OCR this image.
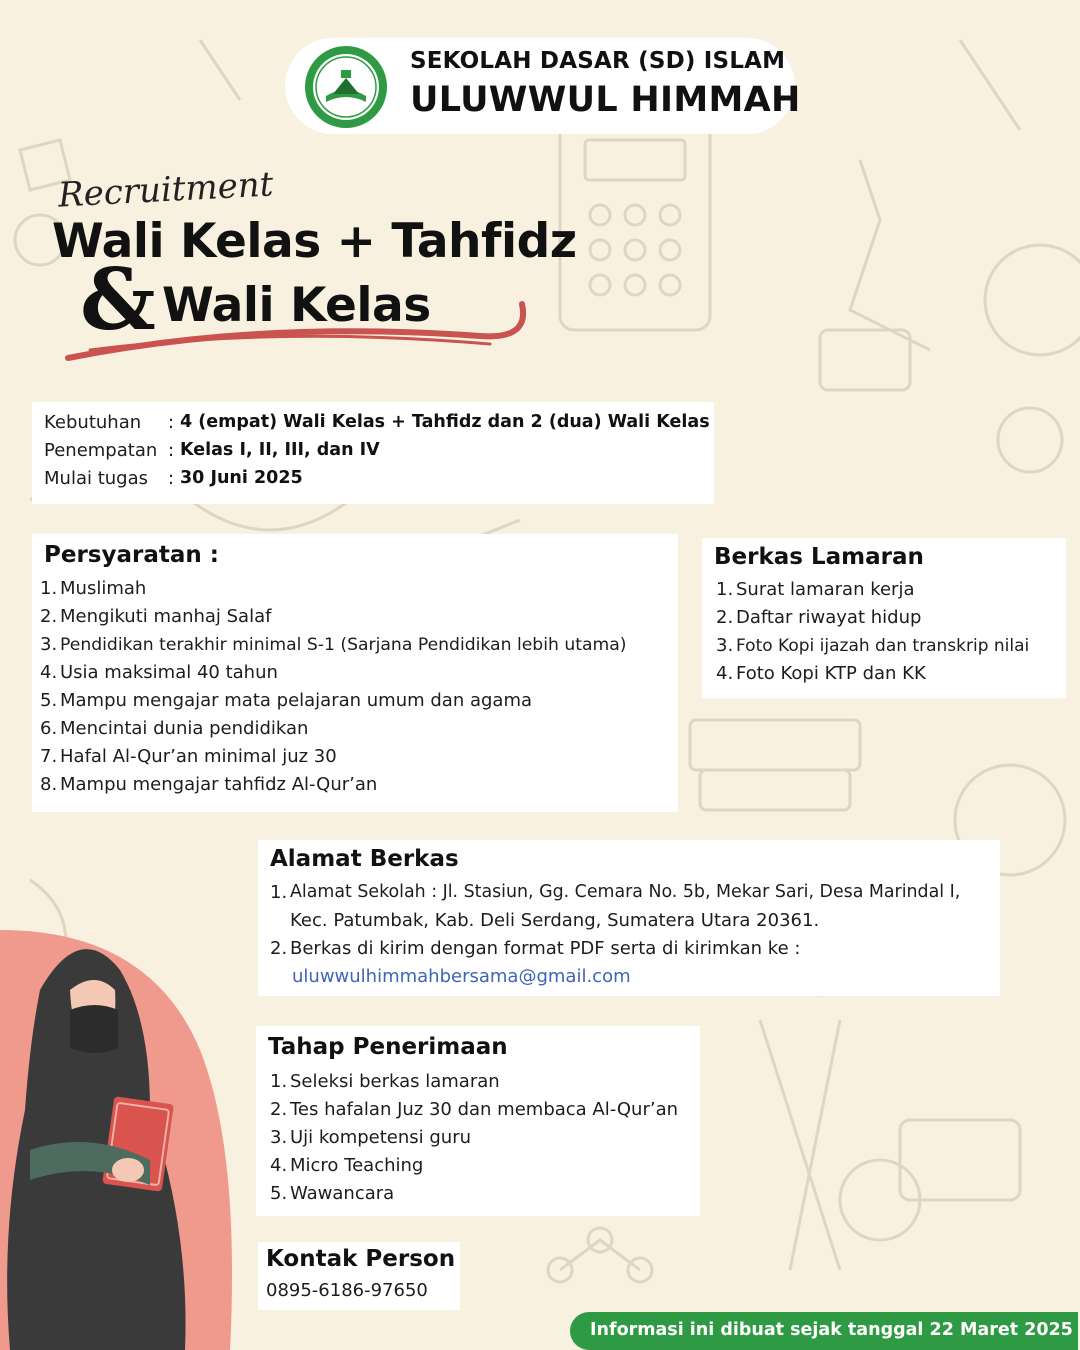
SEKOLAH DASAR (SD) ISLAM
ULUWWUL HIMMAH
Recruitment
Wali Kelas + Tahfidz
& Wali Kelas
Kebutuhan	: 4 (empat) Wali Kelas + Tahfidz dan 2 (dua) Wali Kelas
Penempatan : Kelas I, II, III, dan IV
Mulai tugas	: 30 Juni 2025
Persyaratan :
1. Muslimah
2. Mengikuti manhaj Salaf
3. Pendidikan terakhir minimal S-1 (Sarjana Pendidikan lebih utama)
4. Usia maksimal 40 tahun
5. Mampu mengajar mata pelajaran umum dan agama
6. Mencintai dunia pendidikan
7. Hafal Al-Qur’an minimal juz 30
8. Mampu mengajar tahfidz Al-Qur’an
Berkas Lamaran
1. Surat lamaran kerja
2. Daftar riwayat hidup
3. Foto Kopi ijazah dan transkrip nilai
4. Foto Kopi KTP dan KK
Alamat Berkas
1. Alamat Sekolah : Jl. Stasiun, Gg. Cemara No. 5b, Mekar Sari, Desa Marindal I,
Kec. Patumbak, Kab. Deli Serdang, Sumatera Utara 20361.
2. Berkas di kirim dengan format PDF serta di kirimkan ke :
uluwwulhimmahbersama@gmail.com
Tahap Penerimaan
1. Seleksi berkas lamaran
2. Tes hafalan Juz 30 dan membaca Al-Qur’an
3. Uji kompetensi guru
4. Micro Teaching
5. Wawancara
Kontak Person
0895-6186-97650
Informasi ini dibuat sejak tanggal 22 Maret 2025
